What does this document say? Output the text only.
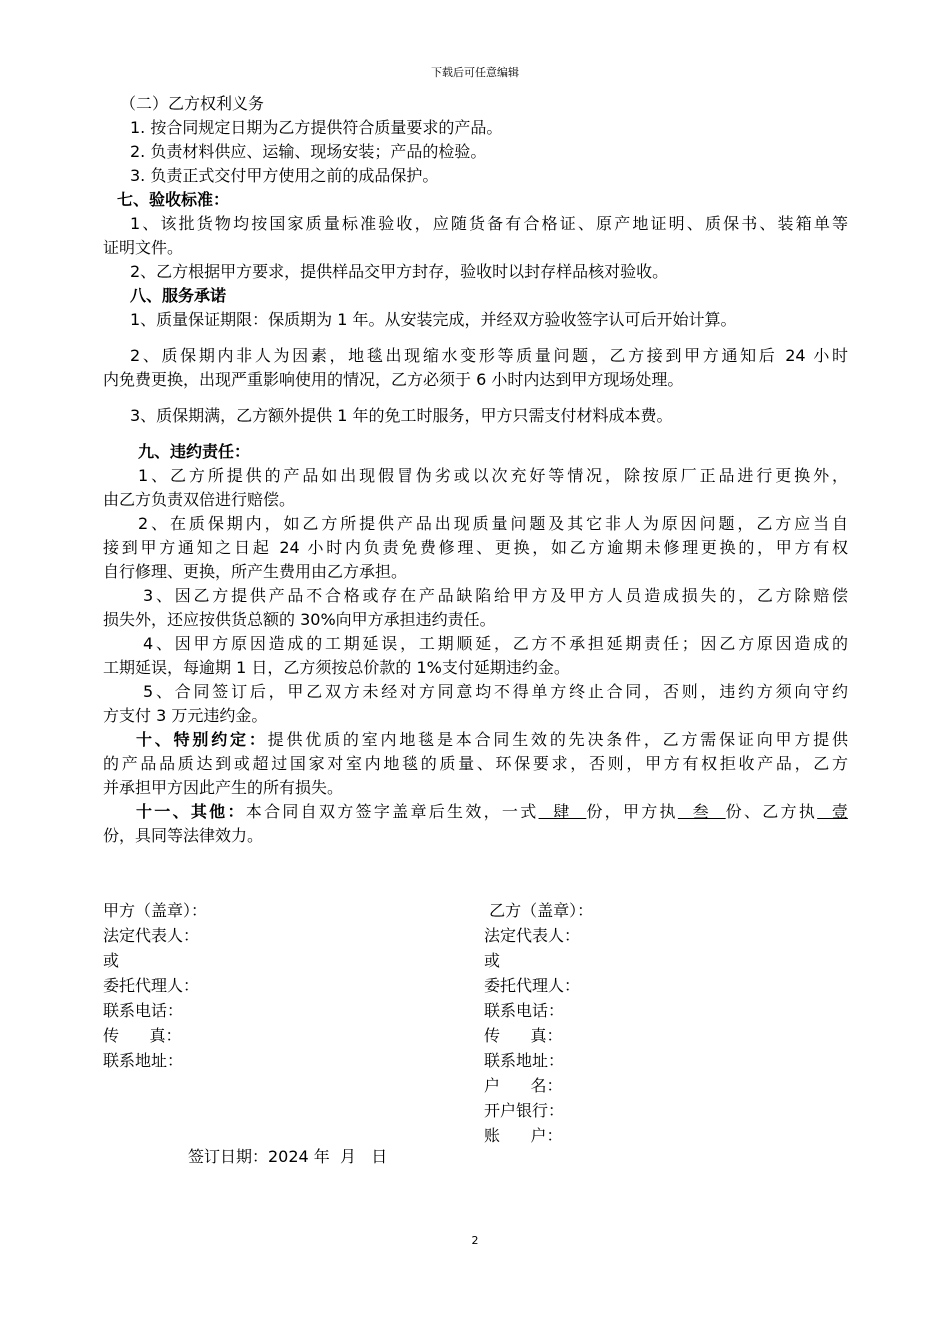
下载后可任意编辑

（二）乙方权利义务

1. 按合同规定日期为乙方提供符合质量要求的产品。

2. 负责材料供应、运输、现场安装；产品的检验。

3. 负责正式交付甲方使用之前的成品保护。

七、验收标准：

1、该批货物均按国家质量标准验收，应随货备有合格证、原产地证明、质保书、装箱单等

证明文件。

2、乙方根据甲方要求，提供样品交甲方封存，验收时以封存样品核对验收。

八、服务承诺

1、质量保证期限：保质期为 1 年。从安装完成，并经双方验收签字认可后开始计算。

2、质保期内非人为因素，地毯出现缩水变形等质量问题，乙方接到甲方通知后 24 小时

内免费更换，出现严重影响使用的情况，乙方必须于 6 小时内达到甲方现场处理。

3、质保期满，乙方额外提供 1 年的免工时服务，甲方只需支付材料成本费。

九、违约责任：

1、乙方所提供的产品如出现假冒伪劣或以次充好等情况，除按原厂正品进行更换外，

由乙方负责双倍进行赔偿。

2、在质保期内，如乙方所提供产品出现质量问题及其它非人为原因问题，乙方应当自

接到甲方通知之日起 24 小时内负责免费修理、更换，如乙方逾期未修理更换的，甲方有权

自行修理、更换，所产生费用由乙方承担。

3、因乙方提供产品不合格或存在产品缺陷给甲方及甲方人员造成损失的，乙方除赔偿

损失外，还应按供货总额的 30%向甲方承担违约责任。

4、因甲方原因造成的工期延误，工期顺延，乙方不承担延期责任；因乙方原因造成的

工期延误，每逾期 1 日，乙方须按总价款的 1%支付延期违约金。

5、合同签订后，甲乙双方未经对方同意均不得单方终止合同，否则，违约方须向守约

方支付 3 万元违约金。

十、特别约定：提供优质的室内地毯是本合同生效的先决条件，乙方需保证向甲方提供

的产品品质达到或超过国家对室内地毯的质量、环保要求，否则，甲方有权拒收产品，乙方

并承担甲方因此产生的所有损失。

十一、其他：本合同自双方签字盖章后生效，一式  肆  份，甲方执  叁  份、乙方执  壹

份，具同等法律效力。

甲方（盖章）：
法定代表人：
或
委托代理人：
联系电话：
传      真：
联系地址：
乙方（盖章）：
法定代表人：
或
委托代理人：
联系电话：
传      真：
联系地址：
户      名：
开户银行：
账      户：
签订日期：2024 年  月   日
2
